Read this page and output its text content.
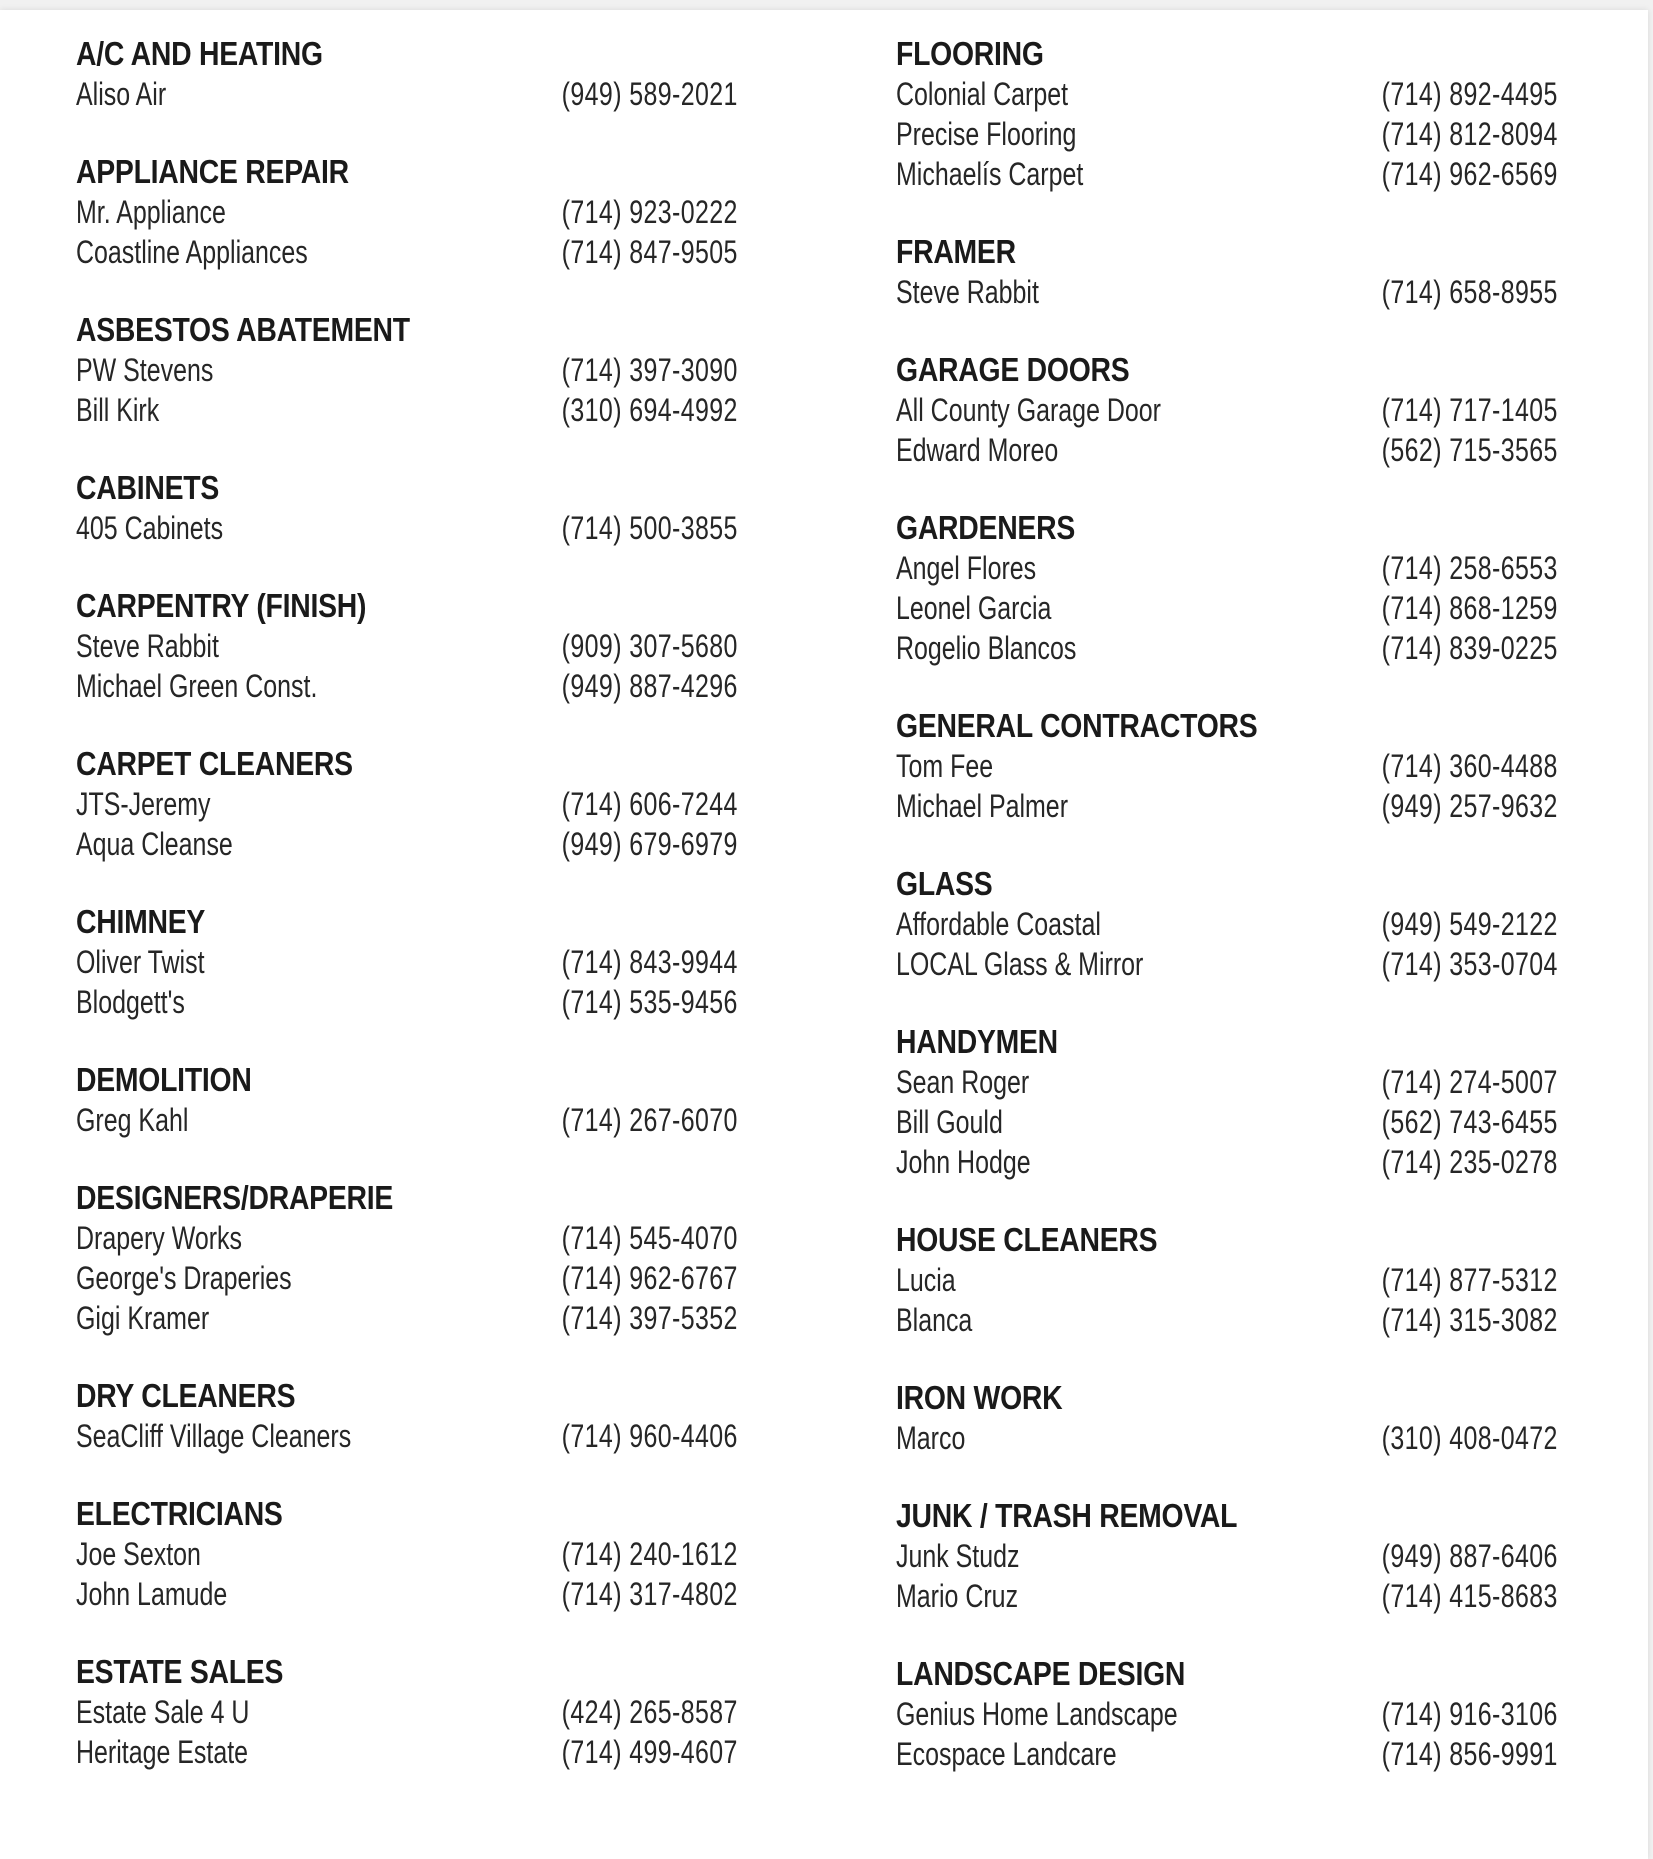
A/C AND HEATING
Aliso Air	(949) 589-2021
APPLIANCE REPAIR
Mr. Appliance	(714) 923-0222
Coastline Appliances	(714) 847-9505
ASBESTOS ABATEMENT
PW Stevens	(714) 397-3090
Bill Kirk	(310) 694-4992
CABINETS
405 Cabinets	(714) 500-3855
CARPENTRY (FINISH)
Steve Rabbit	(909) 307-5680
Michael Green Const.	(949) 887-4296
CARPET CLEANERS
JTS-Jeremy	(714) 606-7244
Aqua Cleanse	(949) 679-6979
CHIMNEY
Oliver Twist	(714) 843-9944
Blodgett's	(714) 535-9456
DEMOLITION
Greg Kahl	(714) 267-6070
DESIGNERS/DRAPERIE
Drapery Works	(714) 545-4070
George's Draperies	(714) 962-6767
Gigi Kramer	(714) 397-5352
DRY CLEANERS
SeaCliff Village Cleaners	(714) 960-4406
ELECTRICIANS
Joe Sexton	(714) 240-1612
John Lamude	(714) 317-4802
ESTATE SALES
Estate Sale 4 U	(424) 265-8587
Heritage Estate	(714) 499-4607
FLOORING
Colonial Carpet	(714) 892-4495
Precise Flooring	(714) 812-8094
Michaelís Carpet	(714) 962-6569
FRAMER
Steve Rabbit	(714) 658-8955
GARAGE DOORS
All County Garage Door	(714) 717-1405
Edward Moreo	(562) 715-3565
GARDENERS
Angel Flores	(714) 258-6553
Leonel Garcia	(714) 868-1259
Rogelio Blancos	(714) 839-0225
GENERAL CONTRACTORS
Tom Fee	(714) 360-4488
Michael Palmer	(949) 257-9632
GLASS
Affordable Coastal	(949) 549-2122
LOCAL Glass & Mirror	(714) 353-0704
HANDYMEN
Sean Roger	(714) 274-5007
Bill Gould	(562) 743-6455
John Hodge	(714) 235-0278
HOUSE CLEANERS
Lucia	(714) 877-5312
Blanca	(714) 315-3082
IRON WORK
Marco	(310) 408-0472
JUNK / TRASH REMOVAL
Junk Studz	(949) 887-6406
Mario Cruz	(714) 415-8683
LANDSCAPE DESIGN
Genius Home Landscape	(714) 916-3106
Ecospace Landcare	(714) 856-9991
